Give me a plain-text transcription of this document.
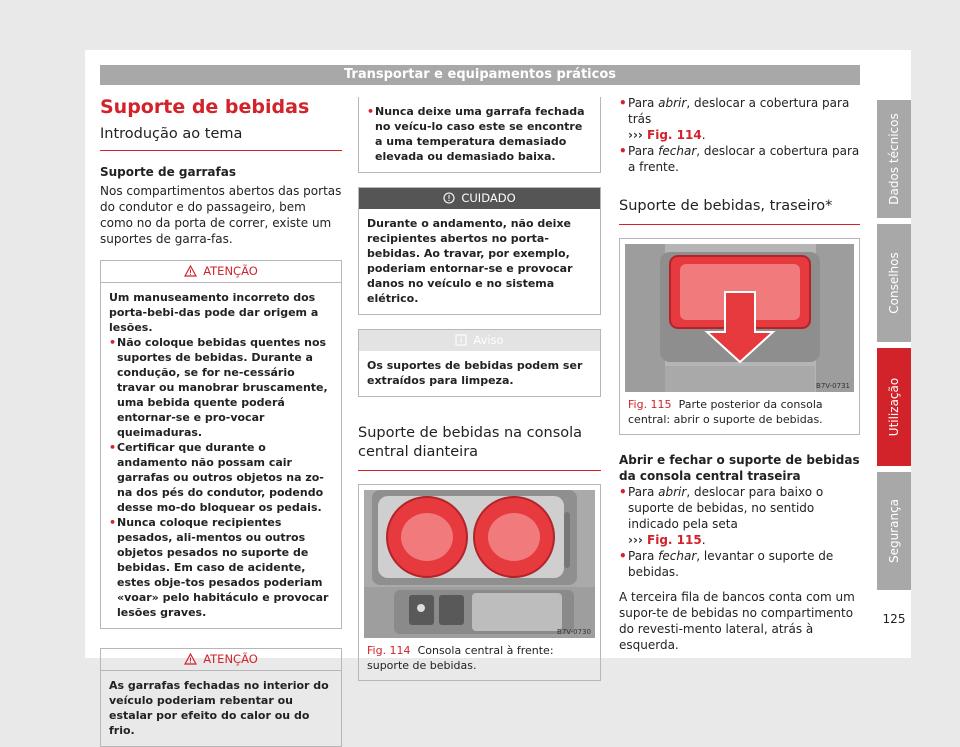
Transportar e equipamentos práticos
Suporte de bebidas
Introdução ao tema

Suporte de garrafas

Nos compartimentos abertos das portas do condutor e do passageiro, bem como no da porta de correr, existe um suportes de garra-fas.

ATENÇÃO
Um manuseamento incorreto dos porta-bebi-das pode dar origem a lesões.
• Não coloque bebidas quentes nos suportes de bebidas. Durante a condução, se for ne-cessário travar ou manobrar bruscamente, uma bebida quente poderá entornar-se e pro-vocar queimaduras.
• Certificar que durante o andamento não possam cair garrafas ou outros objetos na zo-na dos pés do condutor, podendo desse mo-do bloquear os pedais.
• Nunca coloque recipientes pesados, ali-mentos ou outros objetos pesados no suporte de bebidas. Em caso de acidente, estes obje-tos pesados poderiam «voar» pelo habitáculo e provocar lesões graves.
ATENÇÃO
As garrafas fechadas no interior do veículo poderiam rebentar ou estalar por efeito do calor ou do frio.
• Nunca deixe uma garrafa fechada no veícu-lo caso este se encontre a uma temperatura demasiado elevada ou demasiado baixa.
CUIDADO
Durante o andamento, não deixe recipientes abertos no porta-bebidas. Ao travar, por exemplo, poderiam entornar-se e provocar danos no veículo e no sistema elétrico.
Aviso
Os suportes de bebidas podem ser extraídos para limpeza.
Suporte de bebidas na consola central dianteira
B7V-0730
Fig. 114 Consola central à frente: suporte de bebidas.

• Para abrir, deslocar a cobertura para trás
››› Fig. 114.

• Para fechar, deslocar a cobertura para a frente.

Suporte de bebidas, traseiro*
B7V-0731
Fig. 115 Parte posterior da consola central: abrir o suporte de bebidas.

Abrir e fechar o suporte de bebidas da consola central traseira

• Para abrir, deslocar para baixo o suporte de bebidas, no sentido indicado pela seta
››› Fig. 115.

• Para fechar, levantar o suporte de bebidas.

A terceira fila de bancos conta com um supor-te de bebidas no compartimento do revesti-mento lateral, atrás à esquerda.

Dados técnicos
Conselhos
Utilização
Segurança
125
